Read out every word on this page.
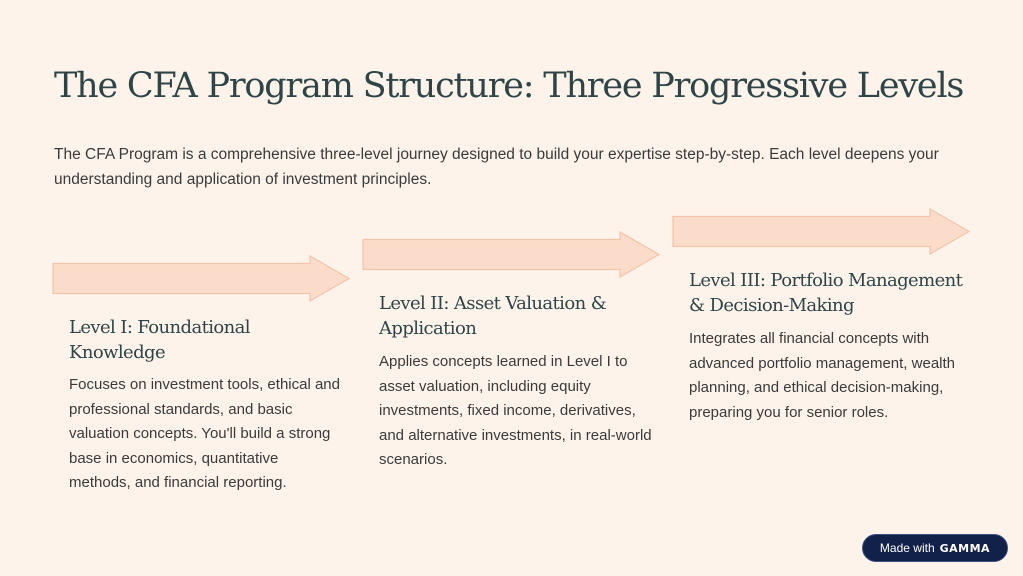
The CFA Program Structure: Three Progressive Levels

The CFA Program is a comprehensive three-level journey designed to build your expertise step-by-step. Each level deepens your understanding and application of investment principles.

Level I: Foundational Knowledge

Focuses on investment tools, ethical and professional standards, and basic valuation concepts. You'll build a strong base in economics, quantitative methods, and financial reporting.

Level II: Asset Valuation & Application

Applies concepts learned in Level I to asset valuation, including equity investments, fixed income, derivatives, and alternative investments, in real-world scenarios.

Level III: Portfolio Management & Decision-Making

Integrates all financial concepts with advanced portfolio management, wealth planning, and ethical decision-making, preparing you for senior roles.

Made with GAMMA
